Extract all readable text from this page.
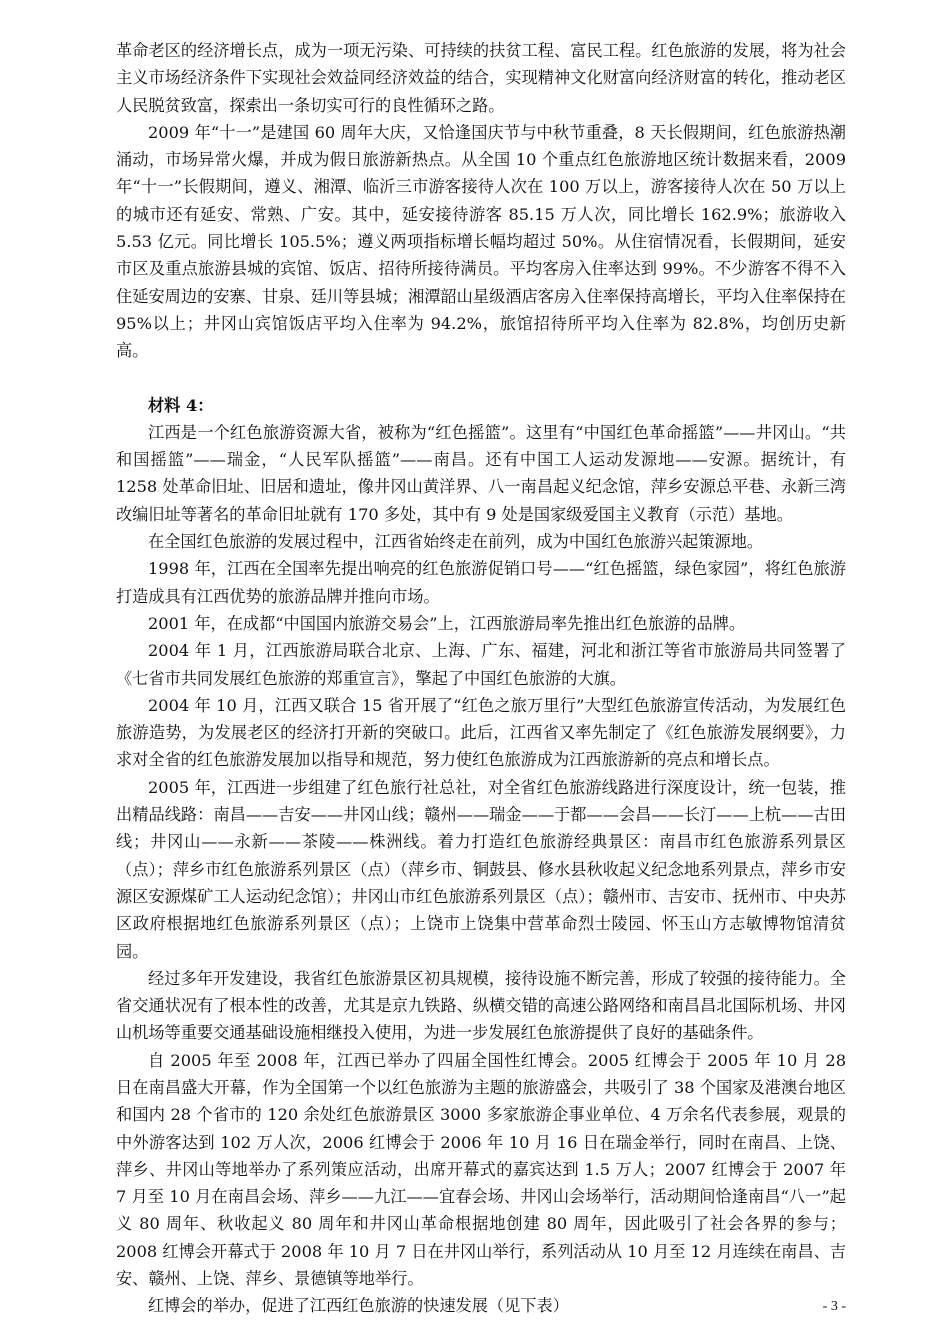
革命老区的经济增长点，成为一项无污染、可持续的扶贫工程、富民工程。红色旅游的发展，将为社会主义市场经济条件下实现社会效益同经济效益的结合，实现精神文化财富向经济财富的转化，推动老区人民脱贫致富，探索出一条切实可行的良性循环之路。

2009 年“十一”是建国 60 周年大庆，又恰逢国庆节与中秋节重叠，8 天长假期间，红色旅游热潮涌动，市场异常火爆，并成为假日旅游新热点。从全国 10 个重点红色旅游地区统计数据来看，2009 年“十一”长假期间，遵义、湘潭、临沂三市游客接待人次在 100 万以上，游客接待人次在 50 万以上的城市还有延安、常熟、广安。其中，延安接待游客 85.15 万人次，同比增长 162.9%；旅游收入 5.53 亿元。同比增长 105.5%；遵义两项指标增长幅均超过 50%。从住宿情况看，长假期间，延安市区及重点旅游县城的宾馆、饭店、招待所接待满员。平均客房入住率达到 99%。不少游客不得不入住延安周边的安寨、甘泉、廷川等县城；湘潭韶山星级酒店客房入住率保持高增长，平均入住率保持在 95%以上；井冈山宾馆饭店平均入住率为 94.2%，旅馆招待所平均入住率为 82.8%，均创历史新高。

材料 4：

江西是一个红色旅游资源大省，被称为“红色摇篮”。这里有“中国红色革命摇篮”——井冈山。“共和国摇篮”——瑞金，“人民军队摇篮”——南昌。还有中国工人运动发源地——安源。据统计，有 1258 处革命旧址、旧居和遗址，像井冈山黄洋界、八一南昌起义纪念馆，萍乡安源总平巷、永新三湾改编旧址等著名的革命旧址就有 170 多处，其中有 9 处是国家级爱国主义教育（示范）基地。

在全国红色旅游的发展过程中，江西省始终走在前列，成为中国红色旅游兴起策源地。

1998 年，江西在全国率先提出响亮的红色旅游促销口号——“红色摇篮，绿色家园”，将红色旅游打造成具有江西优势的旅游品牌并推向市场。

2001 年，在成都“中国国内旅游交易会”上，江西旅游局率先推出红色旅游的品牌。

2004 年 1 月，江西旅游局联合北京、上海、广东、福建，河北和浙江等省市旅游局共同签署了《七省市共同发展红色旅游的郑重宣言》，擎起了中国红色旅游的大旗。

2004 年 10 月，江西又联合 15 省开展了“红色之旅万里行”大型红色旅游宣传活动，为发展红色旅游造势，为发展老区的经济打开新的突破口。此后，江西省又率先制定了《红色旅游发展纲要》，力求对全省的红色旅游发展加以指导和规范，努力使红色旅游成为江西旅游新的亮点和增长点。

2005 年，江西进一步组建了红色旅行社总社，对全省红色旅游线路进行深度设计，统一包装，推出精品线路：南昌——吉安——井冈山线；赣州——瑞金——于都——会昌——长汀——上杭——古田线；井冈山——永新——茶陵——株洲线。着力打造红色旅游经典景区：南昌市红色旅游系列景区（点）；萍乡市红色旅游系列景区（点）（萍乡市、铜鼓县、修水县秋收起义纪念地系列景点，萍乡市安源区安源煤矿工人运动纪念馆）；井冈山市红色旅游系列景区（点）；赣州市、吉安市、抚州市、中央苏区政府根据地红色旅游系列景区（点）；上饶市上饶集中营革命烈士陵园、怀玉山方志敏博物馆清贫园。

经过多年开发建设，我省红色旅游景区初具规模，接待设施不断完善，形成了较强的接待能力。全省交通状况有了根本性的改善，尤其是京九铁路、纵横交错的高速公路网络和南昌昌北国际机场、井冈山机场等重要交通基础设施相继投入使用，为进一步发展红色旅游提供了良好的基础条件。

自 2005 年至 2008 年，江西已举办了四届全国性红博会。2005 红博会于 2005 年 10 月 28 日在南昌盛大开幕，作为全国第一个以红色旅游为主题的旅游盛会，共吸引了 38 个国家及港澳台地区和国内 28 个省市的 120 余处红色旅游景区 3000 多家旅游企事业单位、4 万余名代表参展，观景的中外游客达到 102 万人次，2006 红博会于 2006 年 10 月 16 日在瑞金举行，同时在南昌、上饶、萍乡、井冈山等地举办了系列策应活动，出席开幕式的嘉宾达到 1.5 万人；2007 红博会于 2007 年 7 月至 10 月在南昌会场、萍乡——九江——宜春会场、井冈山会场举行，活动期间恰逢南昌“八一”起义 80 周年、秋收起义 80 周年和井冈山革命根据地创建 80 周年，因此吸引了社会各界的参与；2008 红博会开幕式于 2008 年 10 月 7 日在井冈山举行，系列活动从 10 月至 12 月连续在南昌、吉安、赣州、上饶、萍乡、景德镇等地举行。

红博会的举办，促进了江西红色旅游的快速发展（见下表）	- 3 -
